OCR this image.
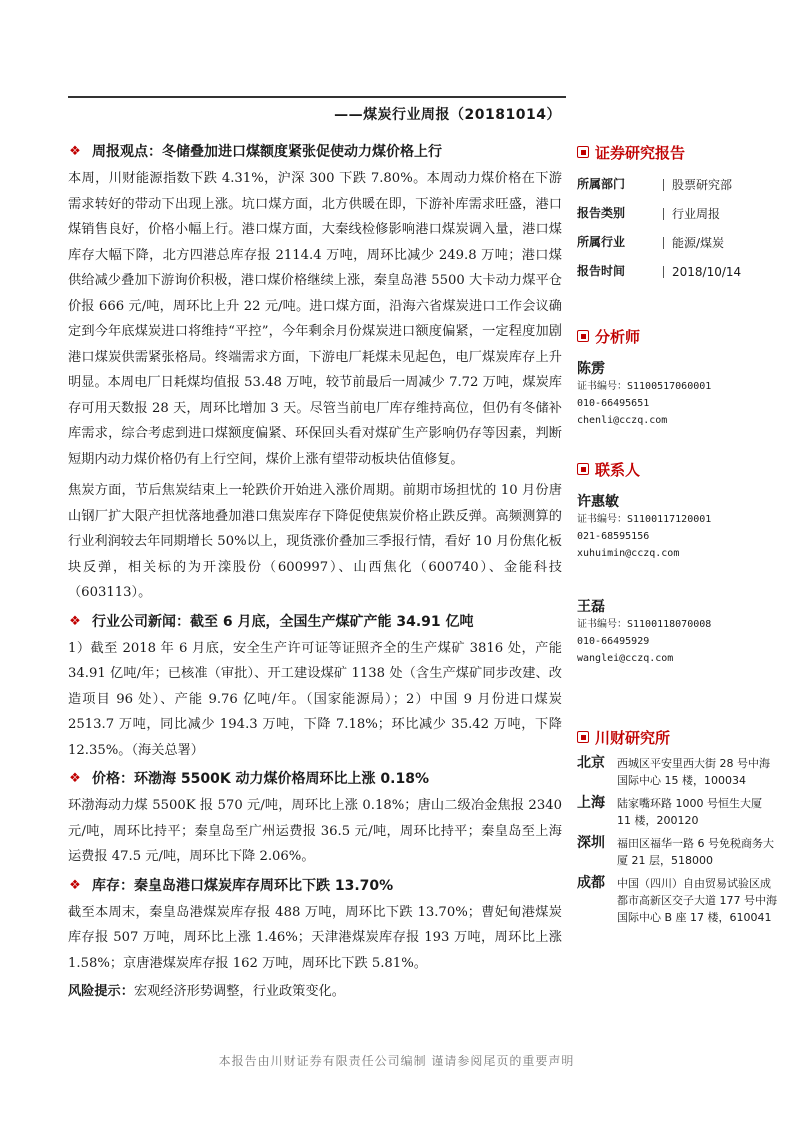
——煤炭行业周报（20181014）
❖ 周报观点：冬储叠加进口煤额度紧张促使动力煤价格上行

本周，川财能源指数下跌 4.31%，沪深 300 下跌 7.80%。本周动力煤价格在下游需求转好的带动下出现上涨。坑口煤方面，北方供暖在即，下游补库需求旺盛，港口煤销售良好，价格小幅上行。港口煤方面，大秦线检修影响港口煤炭调入量，港口煤库存大幅下降，北方四港总库存报 2114.4 万吨，周环比减少 249.8 万吨；港口煤供给减少叠加下游询价积极，港口煤价格继续上涨，秦皇岛港 5500 大卡动力煤平仓价报 666 元/吨，周环比上升 22 元/吨。进口煤方面，沿海六省煤炭进口工作会议确定到今年底煤炭进口将维持“平控”，今年剩余月份煤炭进口额度偏紧，一定程度加剧港口煤炭供需紧张格局。终端需求方面，下游电厂耗煤未见起色，电厂煤炭库存上升明显。本周电厂日耗煤均值报 53.48 万吨，较节前最后一周减少 7.72 万吨，煤炭库存可用天数报 28 天，周环比增加 3 天。尽管当前电厂库存维持高位，但仍有冬储补库需求，综合考虑到进口煤额度偏紧、环保回头看对煤矿生产影响仍存等因素，判断短期内动力煤价格仍有上行空间，煤价上涨有望带动板块估值修复。

焦炭方面，节后焦炭结束上一轮跌价开始进入涨价周期。前期市场担忧的 10 月份唐山钢厂扩大限产担忧落地叠加港口焦炭库存下降促使焦炭价格止跌反弹。高频测算的行业利润较去年同期增长 50%以上，现货涨价叠加三季报行情，看好 10 月份焦化板块反弹，相关标的为开滦股份（600997）、山西焦化（600740）、金能科技（603113）。

❖ 行业公司新闻：截至 6 月底，全国生产煤矿产能 34.91 亿吨

1）截至 2018 年 6 月底，安全生产许可证等证照齐全的生产煤矿 3816 处，产能 34.91 亿吨/年；已核准（审批）、开工建设煤矿 1138 处（含生产煤矿同步改建、改造项目 96 处）、产能 9.76 亿吨/年。（国家能源局）；2）中国 9 月份进口煤炭 2513.7 万吨，同比减少 194.3 万吨，下降 7.18%；环比减少 35.42 万吨，下降 12.35%。（海关总署）

❖ 价格：环渤海 5500K 动力煤价格周环比上涨 0.18%

环渤海动力煤 5500K 报 570 元/吨，周环比上涨 0.18%；唐山二级冶金焦报 2340 元/吨，周环比持平；秦皇岛至广州运费报 36.5 元/吨，周环比持平；秦皇岛至上海运费报 47.5 元/吨，周环比下降 2.06%。

❖ 库存：秦皇岛港口煤炭库存周环比下跌 13.70%

截至本周末，秦皇岛港煤炭库存报 488 万吨，周环比下跌 13.70%；曹妃甸港煤炭库存报 507 万吨，周环比上涨 1.46%；天津港煤炭库存报 193 万吨，周环比上涨 1.58%；京唐港煤炭库存报 162 万吨，周环比下跌 5.81%。

风险提示：宏观经济形势调整，行业政策变化。

证券研究报告
所属部门	股票研究部
报告类别	行业周报
所属行业	能源/煤炭
报告时间	2018/10/14
分析师
陈雳
证书编号：S1100517060001
010-66495651
chenli@cczq.com
联系人
许惠敏
证书编号：S1100117120001
021-68595156
xuhuimin@cczq.com
王磊
证书编号：S1100118070008
010-66495929
wanglei@cczq.com
川财研究所
北京	西城区平安里西大街 28 号中海国际中心 15 楼，100034
上海	陆家嘴环路 1000 号恒生大厦 11 楼，200120
深圳	福田区福华一路 6 号免税商务大厦 21 层，518000
成都	中国（四川）自由贸易试验区成都市高新区交子大道 177 号中海国际中心 B 座 17 楼，610041
本报告由川财证券有限责任公司编制 谨请参阅尾页的重要声明
